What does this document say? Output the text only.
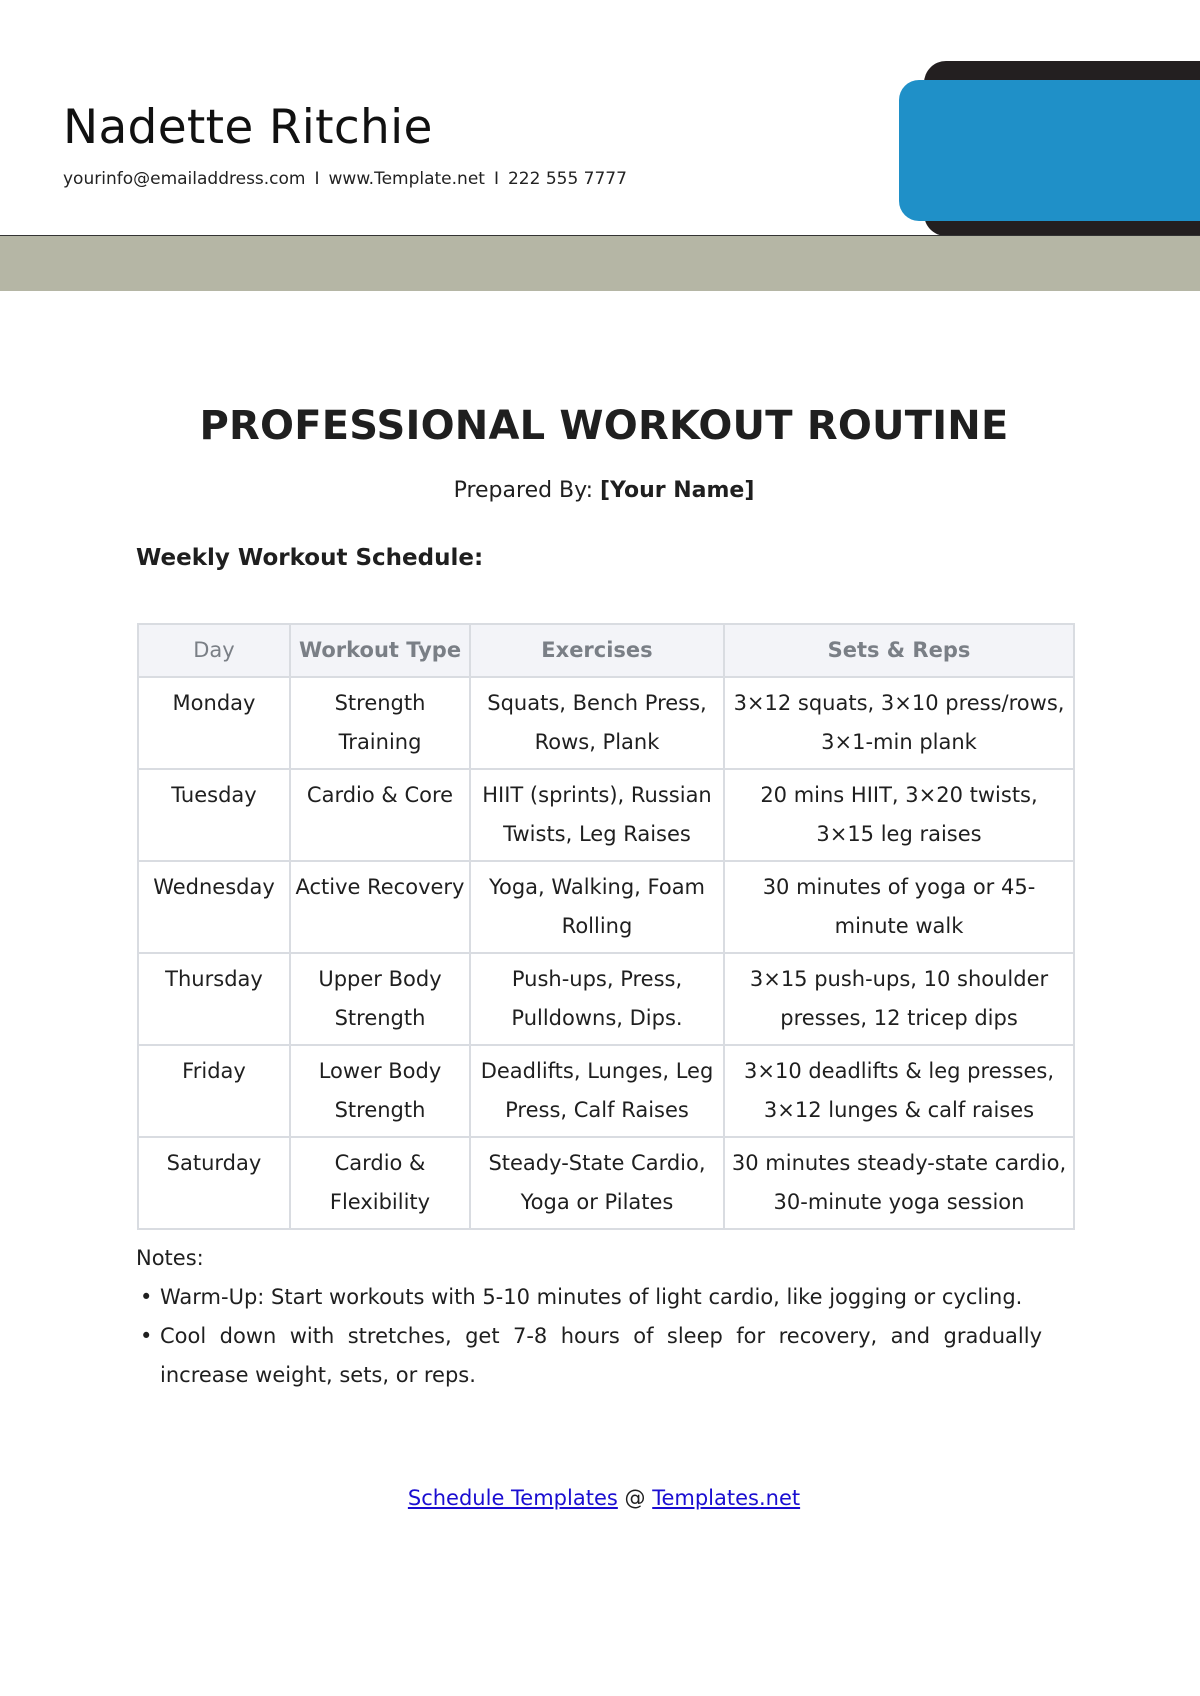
Nadette Ritchie
yourinfo@emailaddress.com I www.Template.net I 222 555 7777
PROFESSIONAL WORKOUT ROUTINE
Prepared By: [Your Name]
Weekly Workout Schedule:
Day	Workout Type	Exercises	Sets & Reps
Monday	Strength Training	Squats, Bench Press, Rows, Plank	3×12 squats, 3×10 press/rows, 3×1-min plank
Tuesday	Cardio & Core	HIIT (sprints), Russian Twists, Leg Raises	20 mins HIIT, 3×20 twists, 3×15 leg raises
Wednesday	Active Recovery	Yoga, Walking, Foam Rolling	30 minutes of yoga or 45-minute walk
Thursday	Upper Body Strength	Push-ups, Press, Pulldowns, Dips.	3×15 push-ups, 10 shoulder presses, 12 tricep dips
Friday	Lower Body Strength	Deadlifts, Lunges, Leg Press, Calf Raises	3×10 deadlifts & leg presses, 3×12 lunges & calf raises
Saturday	Cardio & Flexibility	Steady-State Cardio, Yoga or Pilates	30 minutes steady-state cardio, 30-minute yoga session

Notes:

• Warm-Up: Start workouts with 5-10 minutes of light cardio, like jogging or cycling.
• Cool down with stretches, get 7-8 hours of sleep for recovery, and gradually increase weight, sets, or reps.
Schedule Templates @ Templates.net
